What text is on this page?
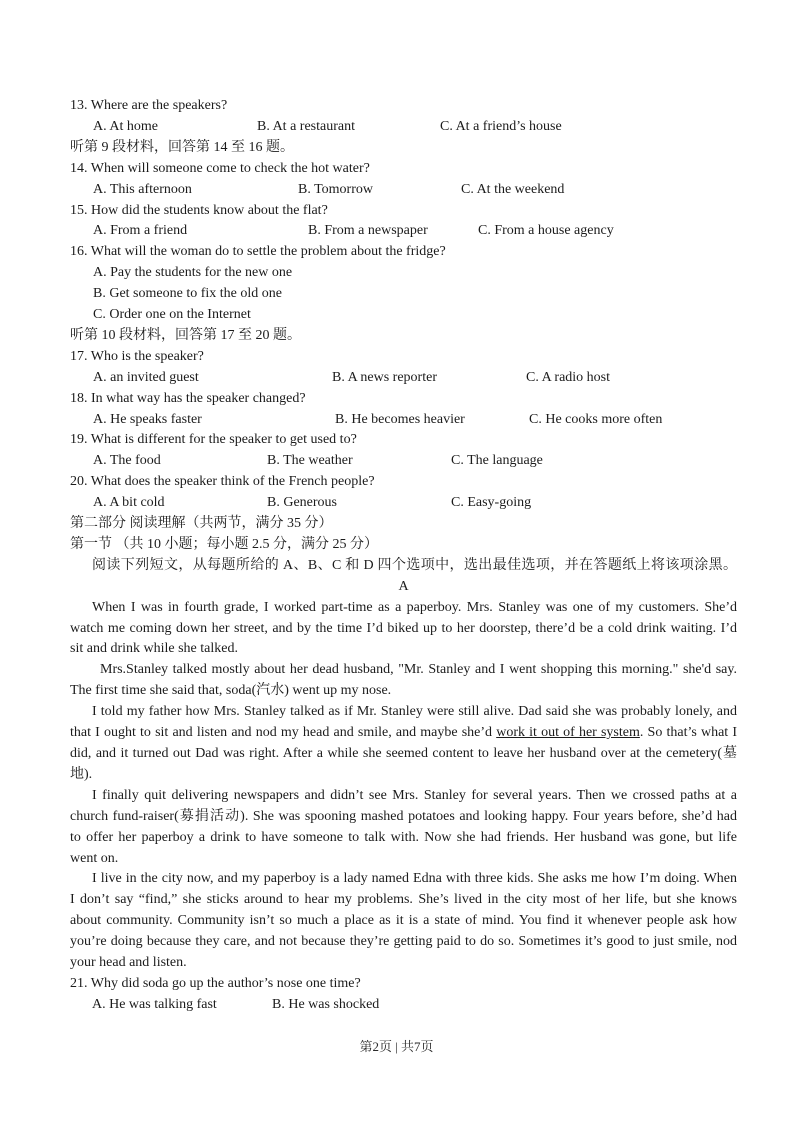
13. Where are the speakers?
A. At home	B. At a restaurant	C. At a friend’s house
听第 9 段材料，回答第 14 至 16 题。
14. When will someone come to check the hot water?
A. This afternoon	B. Tomorrow	C. At the weekend
15. How did the students know about the flat?
A. From a friend	B. From a newspaper	C. From a house agency
16. What will the woman do to settle the problem about the fridge?
A. Pay the students for the new one
B. Get someone to fix the old one
C. Order one on the Internet
听第 10 段材料，回答第 17 至 20 题。
17. Who is the speaker?
A. an invited guest	B. A news reporter	C. A radio host
18. In what way has the speaker changed?
A. He speaks faster	B. He becomes heavier	C. He cooks more often
19. What is different for the speaker to get used to?
A. The food	B. The weather	C. The language
20. What does the speaker think of the French people?
A. A bit cold	B. Generous	C. Easy-going
第二部分 阅读理解（共两节，满分 35 分）
第一节 （共 10 小题；每小题 2.5 分，满分 25 分）
阅读下列短文，从每题所给的 A、B、C 和 D 四个选项中，选出最佳选项，并在答题纸上将该项涂黑。
A
When I was in fourth grade, I worked part-time as a paperboy. Mrs. Stanley was one of my customers. She’d
watch me coming down her street, and by the time I’d biked up to her doorstep, there’d be a cold drink waiting. I’d
sit and drink while she talked.
Mrs.Stanley talked mostly about her dead husband, "Mr. Stanley and I went shopping this morning." she'd say.
The first time she said that, soda(汽水) went up my nose.
I told my father how Mrs. Stanley talked as if Mr. Stanley were still alive. Dad said she was probably lonely, and
that I ought to sit and listen and nod my head and smile, and maybe she’d work it out of her system. So that’s what I
did, and it turned out Dad was right. After a while she seemed content to leave her husband over at the cemetery(墓
地).
I finally quit delivering newspapers and didn’t see Mrs. Stanley for several years. Then we crossed paths at a
church fund-raiser(募捐活动). She was spooning mashed potatoes and looking happy. Four years before, she’d had
to offer her paperboy a drink to have someone to talk with. Now she had friends. Her husband was gone, but life
went on.
I live in the city now, and my paperboy is a lady named Edna with three kids. She asks me how I’m doing. When
I don’t say “find,” she sticks around to hear my problems. She’s lived in the city most of her life, but she knows
about community. Community isn’t so much a place as it is a state of mind. You find it whenever people ask how
you’re doing because they care, and not because they’re getting paid to do so. Sometimes it’s good to just smile, nod
your head and listen.
21. Why did soda go up the author’s nose one time?
A. He was talking fast	B. He was shocked
第2页 | 共7页
